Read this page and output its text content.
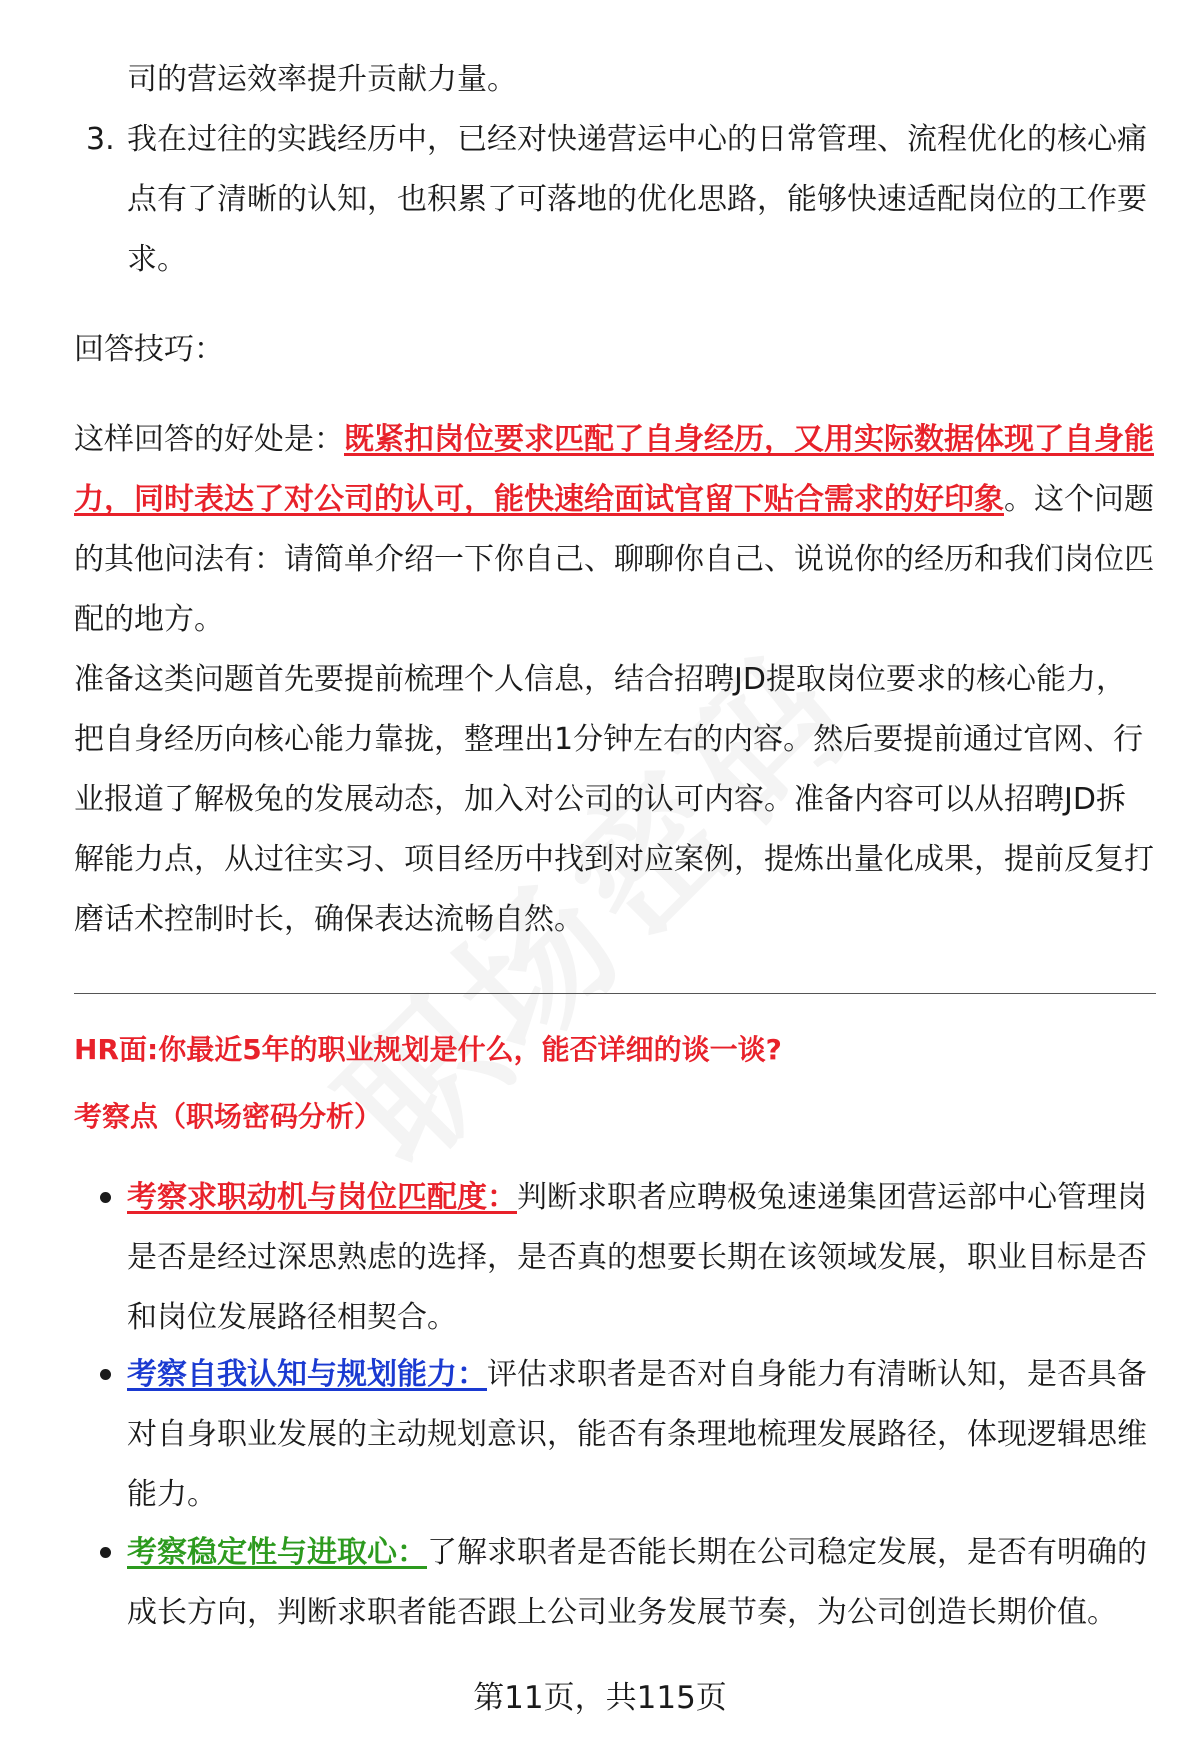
司的营运效率提升贡献力量。
3. 我在过往的实践经历中，已经对快递营运中心的日常管理、流程优化的核心痛点有了清晰的认知，也积累了可落地的优化思路，能够快速适配岗位的工作要求。
回答技巧：
这样回答的好处是：既紧扣岗位要求匹配了自身经历，又用实际数据体现了自身能力，同时表达了对公司的认可，能快速给面试官留下贴合需求的好印象。这个问题的其他问法有：请简单介绍一下你自己、聊聊你自己、说说你的经历和我们岗位匹配的地方。
准备这类问题首先要提前梳理个人信息，结合招聘JD提取岗位要求的核心能力，把自身经历向核心能力靠拢，整理出1分钟左右的内容。然后要提前通过官网、行业报道了解极兔的发展动态，加入对公司的认可内容。准备内容可以从招聘JD拆解能力点，从过往实习、项目经历中找到对应案例，提炼出量化成果，提前反复打磨话术控制时长，确保表达流畅自然。
HR面:你最近5年的职业规划是什么，能否详细的谈一谈?
考察点（职场密码分析）
考察求职动机与岗位匹配度：判断求职者应聘极兔速递集团营运部中心管理岗是否是经过深思熟虑的选择，是否真的想要长期在该领域发展，职业目标是否和岗位发展路径相契合。
考察自我认知与规划能力：评估求职者是否对自身能力有清晰认知，是否具备对自身职业发展的主动规划意识，能否有条理地梳理发展路径，体现逻辑思维能力。
考察稳定性与进取心：了解求职者是否能长期在公司稳定发展，是否有明确的成长方向，判断求职者能否跟上公司业务发展节奏，为公司创造长期价值。
第11页，共115页
